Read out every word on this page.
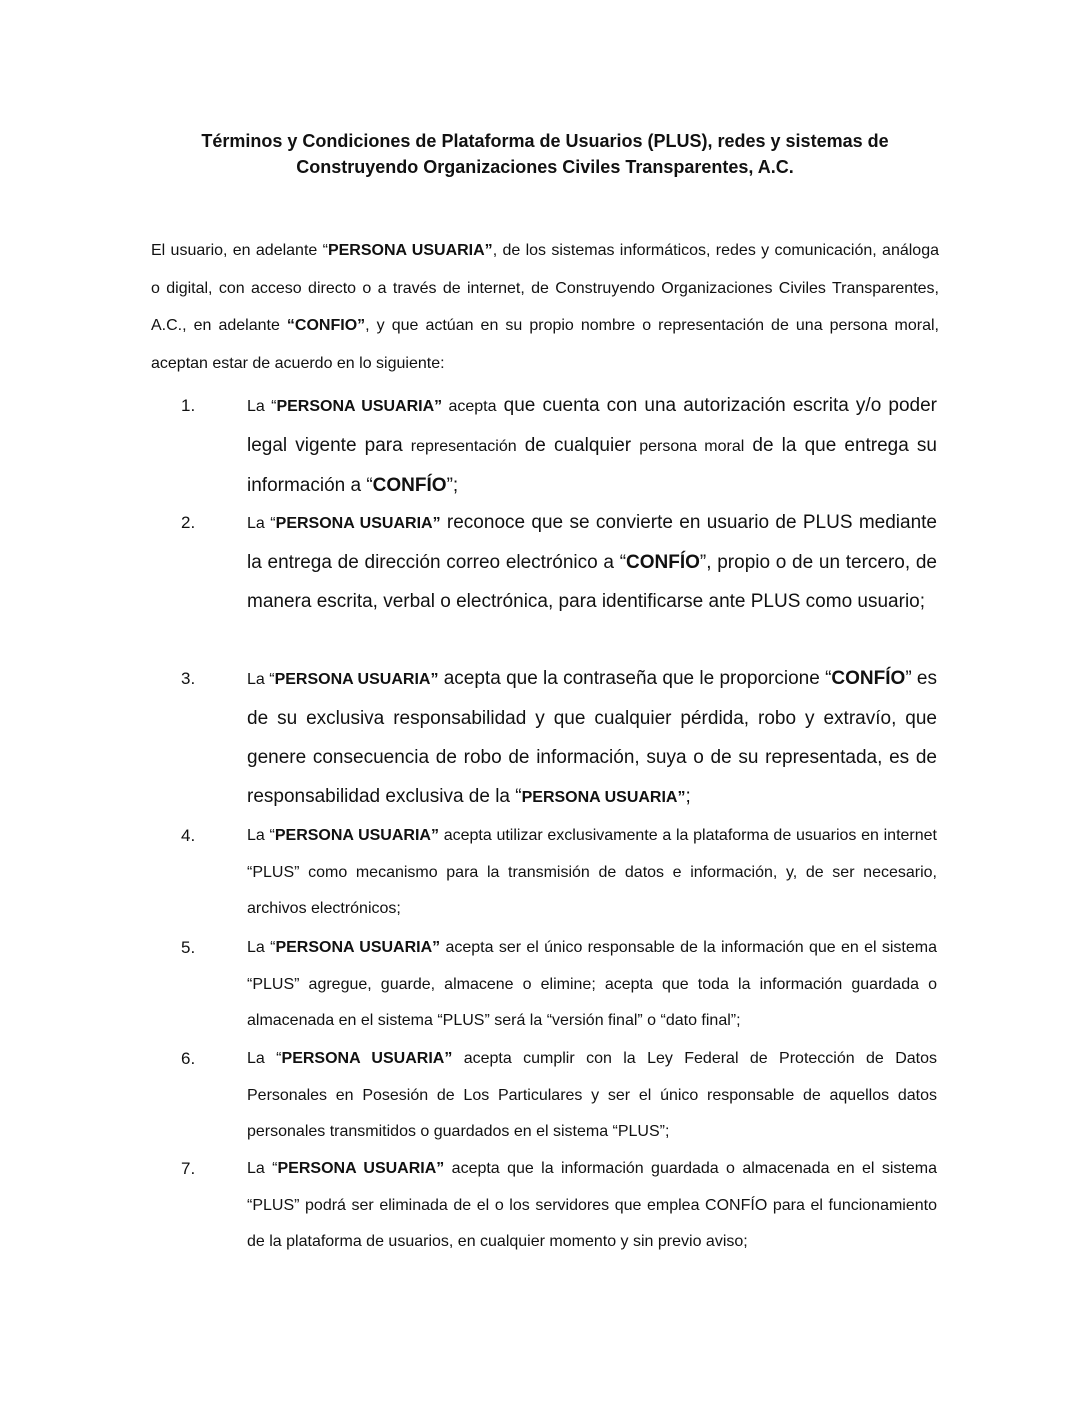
Términos y Condiciones de Plataforma de Usuarios (PLUS), redes y sistemas de
Construyendo Organizaciones Civiles Transparentes, A.C.

El usuario, en adelante “PERSONA USUARIA”, de los sistemas informáticos, redes y comunicación, análoga o digital, con acceso directo o a través de internet, de Construyendo Organizaciones Civiles Transparentes, A.C., en adelante “CONFIO”, y que actúan en su propio nombre o representación de una persona moral, aceptan estar de acuerdo en lo siguiente:

1.	La “PERSONA USUARIA” acepta que cuenta con una autorización escrita y/o poder legal vigente para representación de cualquier persona moral de la que entrega su información a “CONFÍO”;

2.	La “PERSONA USUARIA” reconoce que se convierte en usuario de PLUS mediante la entrega de dirección correo electrónico a “CONFÍO”, propio o de un tercero, de manera escrita, verbal o electrónica, para identificarse ante PLUS como usuario;

3.	La “PERSONA USUARIA” acepta que la contraseña que le proporcione “CONFÍO” es de su exclusiva responsabilidad y que cualquier pérdida, robo y extravío, que genere consecuencia de robo de información, suya o de su representada, es de responsabilidad exclusiva de la “PERSONA USUARIA”;

4.	La “PERSONA USUARIA” acepta utilizar exclusivamente a la plataforma de usuarios en internet “PLUS” como mecanismo para la transmisión de datos e información, y, de ser necesario, archivos electrónicos;

5.	La “PERSONA USUARIA” acepta ser el único responsable de la información que en el sistema “PLUS” agregue, guarde, almacene o elimine; acepta que toda la información guardada o almacenada en el sistema “PLUS” será la “versión final” o “dato final”;

6.	La “PERSONA USUARIA” acepta cumplir con la Ley Federal de Protección de Datos Personales en Posesión de Los Particulares y ser el único responsable de aquellos datos personales transmitidos o guardados en el sistema “PLUS”;

7.	La “PERSONA USUARIA” acepta que la información guardada o almacenada en el sistema “PLUS” podrá ser eliminada de el o los servidores que emplea CONFÍO para el funcionamiento de la plataforma de usuarios, en cualquier momento y sin previo aviso;
